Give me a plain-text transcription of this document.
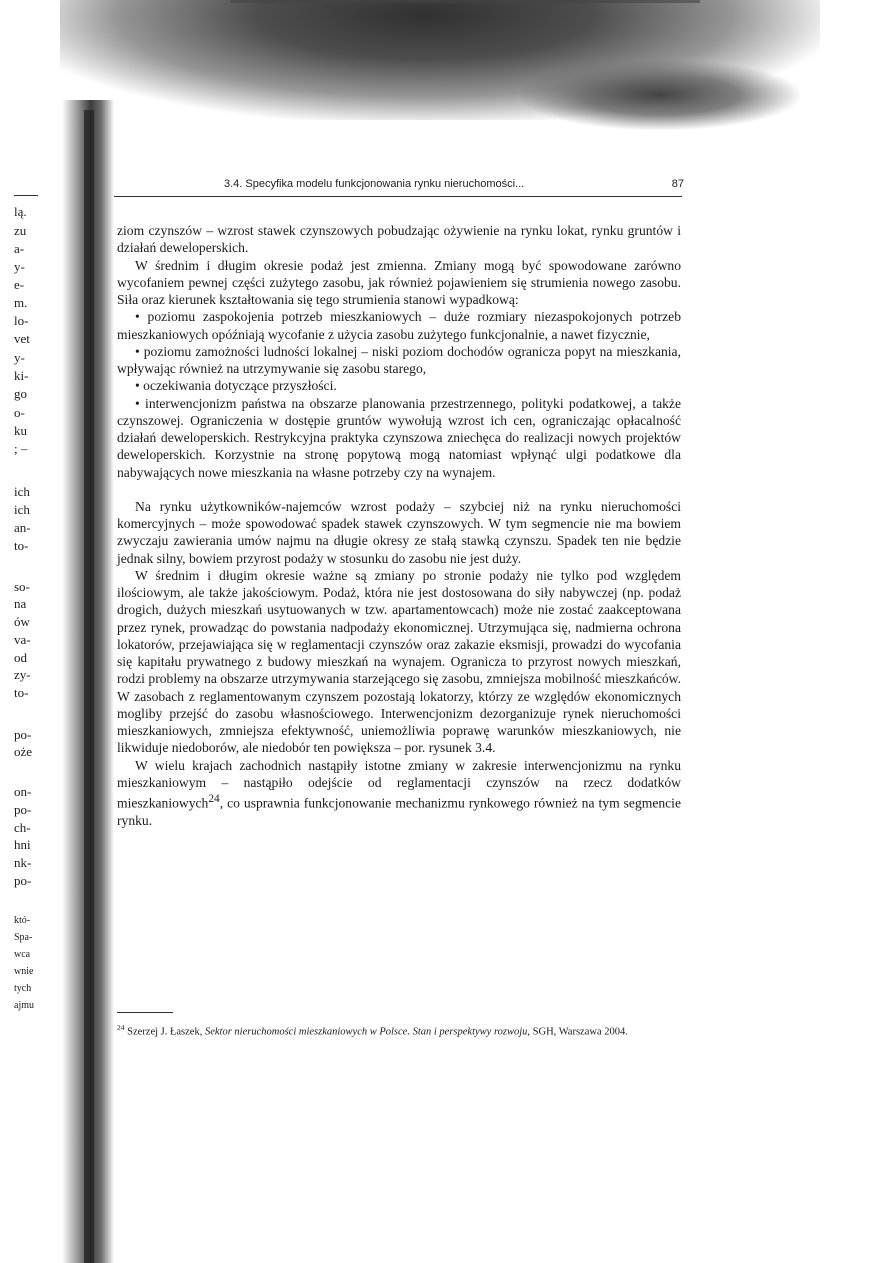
lą.
zu
a-
y-
e-
m.
lo-
vet
y-
ki-
go
o-
ku
; –
ich
ich
an-
to-
so-
na
ów
va-
od
zy-
to-
po-
oże
on-
po-
ch-
hni
nk-
po-
któ-
Spa-
wca
wnie
tych
ajmu
3.4. Specyfika modelu funkcjonowania rynku nieruchomości...	87

ziom czynszów – wzrost stawek czynszowych pobudzając ożywienie na rynku lokat, rynku gruntów i działań deweloperskich.

W średnim i długim okresie podaż jest zmienna. Zmiany mogą być spowodowane zarówno wycofaniem pewnej części zużytego zasobu, jak również pojawieniem się strumienia nowego zasobu. Siła oraz kierunek kształtowania się tego strumienia stanowi wypadkową:

• poziomu zaspokojenia potrzeb mieszkaniowych – duże rozmiary niezaspokojonych potrzeb mieszkaniowych opóźniają wycofanie z użycia zasobu zużytego funkcjonalnie, a nawet fizycznie,

• poziomu zamożności ludności lokalnej – niski poziom dochodów ogranicza popyt na mieszkania, wpływając również na utrzymywanie się zasobu starego,

• oczekiwania dotyczące przyszłości.

• interwencjonizm państwa na obszarze planowania przestrzennego, polityki podatkowej, a także czynszowej. Ograniczenia w dostępie gruntów wywołują wzrost ich cen, ograniczając opłacalność działań deweloperskich. Restrykcyjna praktyka czynszowa zniechęca do realizacji nowych projektów deweloperskich. Korzystnie na stronę popytową mogą natomiast wpłynąć ulgi podatkowe dla nabywających nowe mieszkania na własne potrzeby czy na wynajem.

Na rynku użytkowników-najemców wzrost podaży – szybciej niż na rynku nieruchomości komercyjnych – może spowodować spadek stawek czynszowych. W tym segmencie nie ma bowiem zwyczaju zawierania umów najmu na długie okresy ze stałą stawką czynszu. Spadek ten nie będzie jednak silny, bowiem przyrost podaży w stosunku do zasobu nie jest duży.

W średnim i długim okresie ważne są zmiany po stronie podaży nie tylko pod względem ilościowym, ale także jakościowym. Podaż, która nie jest dostosowana do siły nabywczej (np. podaż drogich, dużych mieszkań usytuowanych w tzw. apartamentowcach) może nie zostać zaakceptowana przez rynek, prowadząc do powstania nadpodaży ekonomicznej. Utrzymująca się, nadmierna ochrona lokatorów, przejawiająca się w reglamentacji czynszów oraz zakazie eksmisji, prowadzi do wycofania się kapitału prywatnego z budowy mieszkań na wynajem. Ogranicza to przyrost nowych mieszkań, rodzi problemy na obszarze utrzymywania starzejącego się zasobu, zmniejsza mobilność mieszkańców. W zasobach z reglamentowanym czynszem pozostają lokatorzy, którzy ze względów ekonomicznych mogliby przejść do zasobu własnościowego. Interwencjonizm dezorganizuje rynek nieruchomości mieszkaniowych, zmniejsza efektywność, uniemożliwia poprawę warunków mieszkaniowych, nie likwiduje niedoborów, ale niedobór ten powiększa – por. rysunek 3.4.

W wielu krajach zachodnich nastąpiły istotne zmiany w zakresie interwencjonizmu na rynku mieszkaniowym – nastąpiło odejście od reglamentacji czynszów na rzecz dodatków mieszkaniowych$^{24}$, co usprawnia funkcjonowanie mechanizmu rynkowego również na tym segmencie rynku.

$^{24}$ Szerzej J. Łaszek, Sektor nieruchomości mieszkaniowych w Polsce. Stan i perspektywy rozwoju, SGH, Warszawa 2004.
